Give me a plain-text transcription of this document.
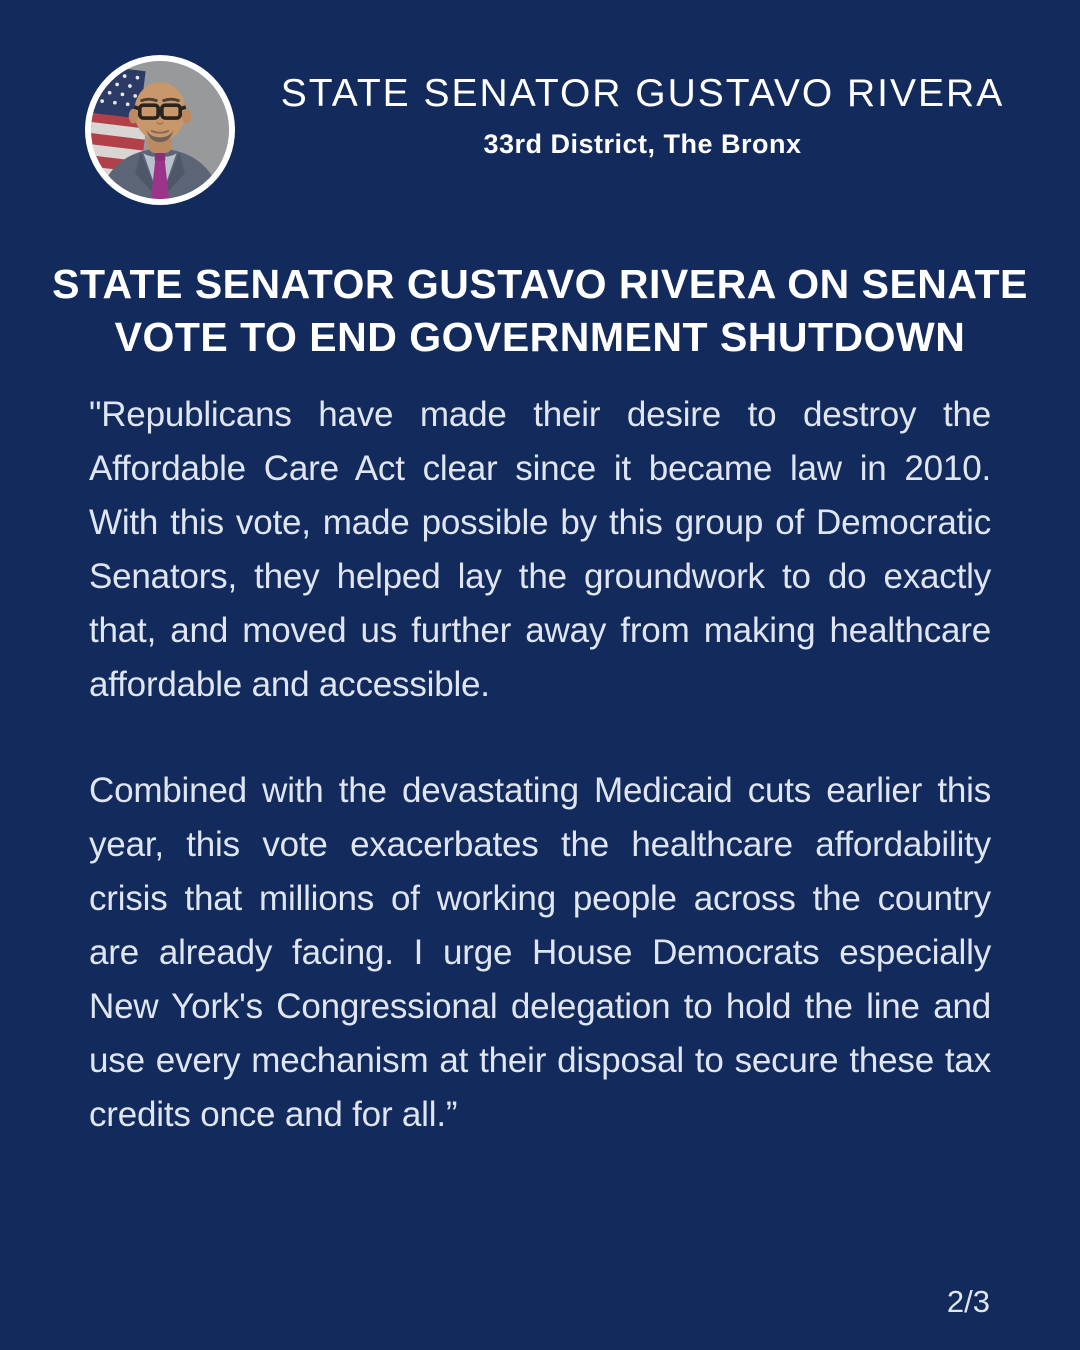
STATE SENATOR GUSTAVO RIVERA
33rd District, The Bronx
STATE SENATOR GUSTAVO RIVERA ON SENATE
VOTE TO END GOVERNMENT SHUTDOWN

"Republicans have made their desire to destroy the Affordable Care Act clear since it became law in 2010. With this vote, made possible by this group of Democratic Senators, they helped lay the groundwork to do exactly that, and moved us further away from making healthcare affordable and accessible.

Combined with the devastating Medicaid cuts earlier this year, this vote exacerbates the healthcare affordability crisis that millions of working people across the country are already facing. I urge House Democrats especially New York's Congressional delegation to hold the line and use every mechanism at their disposal to secure these tax credits once and for all.”

2/3
